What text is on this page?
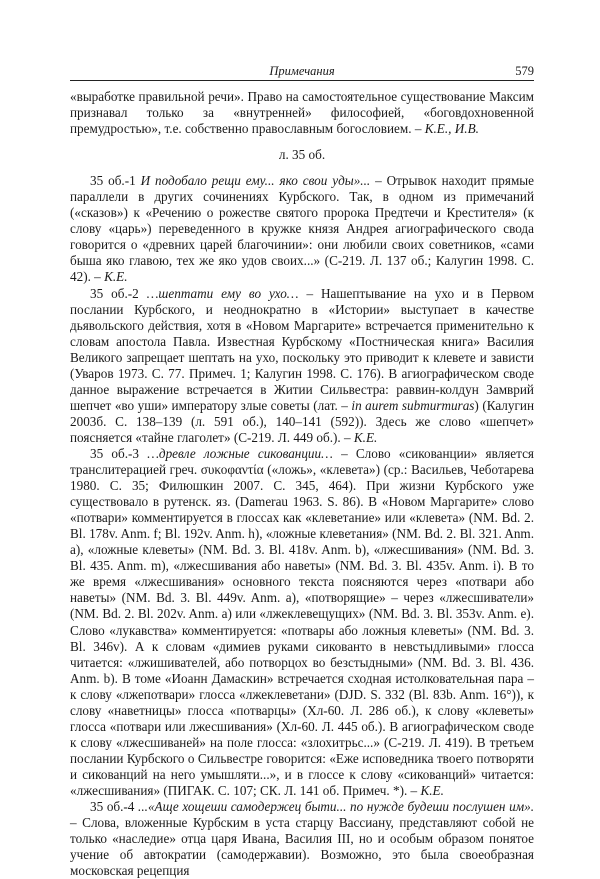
Примечания	579

«выработке правильной речи». Право на самостоятельное существование Максим признавал только за «внутренней» философией, «боговдохновенной премудростью», т.е. собственно православным богословием. – К.Е., И.В.

л. 35 об.

35 об.-1 И подобало рещи ему... яко свои уды»... – Отрывок находит прямые параллели в других сочинениях Курбского. Так, в одном из примечаний («сказов») к «Речению о рожестве святого пророка Предтечи и Крестителя» (к слову «царь») переведенного в кружке князя Андрея агиографического свода говорится о «древних царей благочинии»: они любили своих советников, «сами быша яко главою, тех же яко удов своих...» (С-219. Л. 137 об.; Калугин 1998. С. 42). – К.Е.

35 об.-2 …шептати ему во ухо… – Нашептывание на ухо и в Первом послании Курбского, и неоднократно в «Истории» выступает в качестве дьявольского действия, хотя в «Новом Маргарите» встречается применительно к словам апостола Павла. Известная Курбскому «Постническая книга» Василия Великого запрещает шептать на ухо, поскольку это приводит к клевете и зависти (Уваров 1973. С. 77. Примеч. 1; Калугин 1998. С. 176). В агиографическом своде данное выражение встречается в Житии Сильвестра: раввин-колдун Замврий шепчет «во уши» императору злые советы (лат. – in aurem submurmuras) (Калугин 2003б. С. 138–139 (л. 591 об.), 140–141 (592)). Здесь же слово «шепчет» поясняется «тайне глаголет» (С-219. Л. 449 об.). – К.Е.

35 об.-3 …древле ложные сикованции… – Слово «сикованции» является транслитерацией греч. συκοφαντία («ложь», «клевета») (ср.: Васильев, Чеботарева 1980. С. 35; Филюшкин 2007. С. 345, 464). При жизни Курбского уже существовало в рутенск. яз. (Damerau 1963. S. 86). В «Новом Маргарите» слово «потвари» комментируется в глоссах как «клеветание» или «клевета» (NM. Bd. 2. Bl. 178v. Anm. f; Bl. 192v. Anm. h), «ложные клеветания» (NM. Bd. 2. Bl. 321. Anm. a), «ложные клеветы» (NM. Bd. 3. Bl. 418v. Anm. b), «лжесшивания» (NM. Bd. 3. Bl. 435. Anm. m), «лжесшивания або наветы» (NM. Bd. 3. Bl. 435v. Anm. i). В то же время «лжесшивания» основного текста поясняются через «потвари або наветы» (NM. Bd. 3. Bl. 449v. Anm. a), «потворящие» – через «лжесшиватели» (NM. Bd. 2. Bl. 202v. Anm. a) или «лжеклевещущих» (NM. Bd. 3. Bl. 353v. Anm. e). Слово «лукавства» комментируется: «потвары або ложныя клеветы» (NM. Bd. 3. Bl. 346v). А к словам «димиев руками сикованто в невстыдливыми» глосса читается: «лжишивателей, або потворцох во безстыдными» (NM. Bd. 3. Bl. 436. Anm. b). В томе «Иоанн Дамаскин» встречается сходная истолковательная пара – к слову «лжепотвари» глосса «лжеклеветани» (DJD. S. 332 (Bl. 83b. Anm. 16°)), к слову «наветницы» глосса «потварцы» (Хл-60. Л. 286 об.), к слову «клеветы» глосса «потвари или лжесшивания» (Хл-60. Л. 445 об.). В агиографическом своде к слову «лжесшиваней» на поле глосса: «злохитрьс...» (С-219. Л. 419). В третьем послании Курбского о Сильвестре говорится: «Еже исповедника твоего потворяти и сикованций на него умышляти...», и в глоссе к слову «сикованций» читается: «лжесшивания» (ПИГАК. С. 107; СК. Л. 141 об. Примеч. *). – К.Е.

35 об.-4 ...«Аще хощеши самодержец быти... по нужде будеши послушен им». – Слова, вложенные Курбским в уста старцу Вассиану, представляют собой не только «наследие» отца царя Ивана, Василия III, но и особым образом понятое учение об автократии (самодержавии). Возможно, это была своеобразная московская рецепция
